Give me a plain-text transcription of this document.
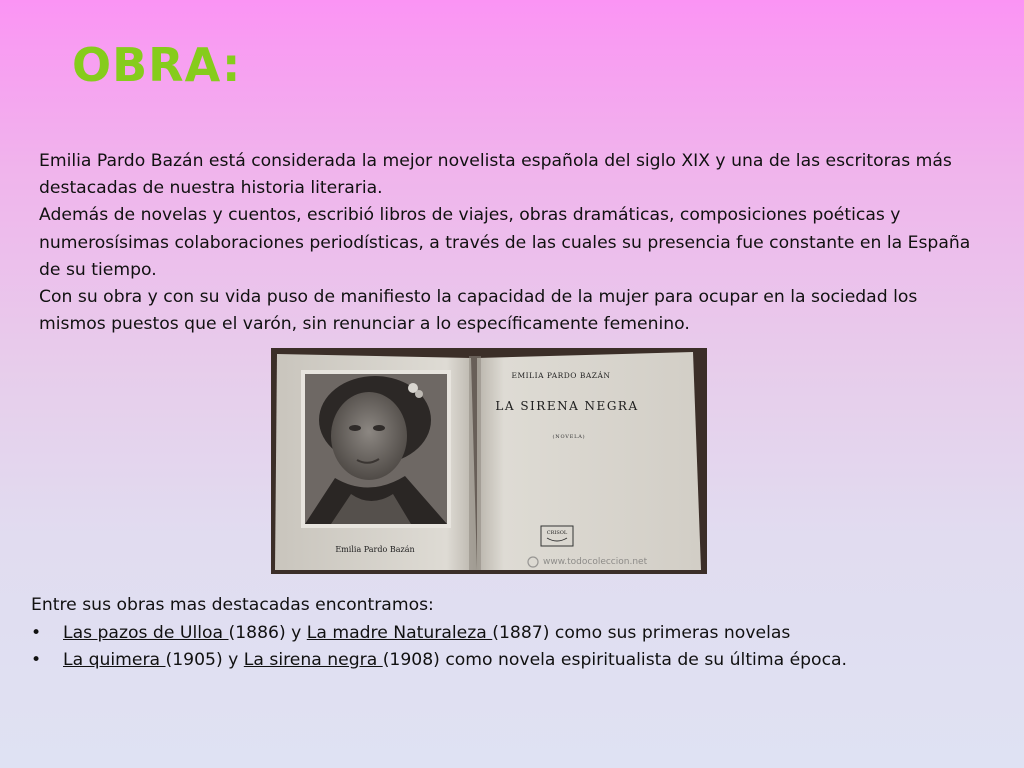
OBRA:

Emilia Pardo Bazán está considerada la mejor novelista española del siglo XIX y una de las escritoras más destacadas de nuestra historia literaria.

Además de novelas y cuentos, escribió libros de viajes, obras dramáticas, composiciones poéticas y numerosísimas colaboraciones periodísticas, a través de las cuales su presencia fue constante en la España de su tiempo.

Con su obra y con su vida puso de manifiesto la capacidad de la mujer para ocupar en la sociedad los mismos puestos que el varón, sin renunciar a lo específicamente femenino.

Emilia Pardo Bazán
EMILIA PARDO BAZÁN
LA SIRENA NEGRA
(NOVELA)
CRISOL
www.todocoleccion.net

Entre sus obras mas destacadas encontramos:

• Las pazos de Ulloa (1886) y La madre Naturaleza (1887) como sus primeras novelas
• La quimera (1905) y La sirena negra (1908) como novela espiritualista de su última época.
